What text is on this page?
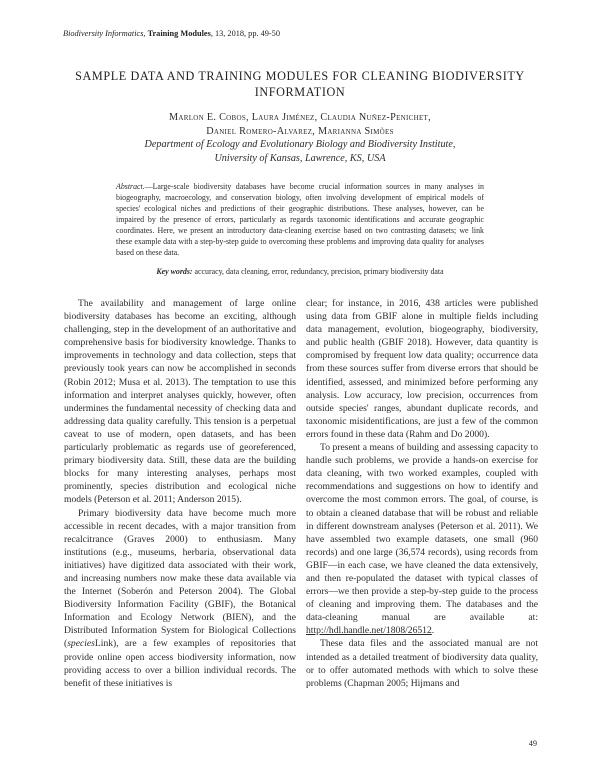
Biodiversity Informatics, Training Modules, 13, 2018, pp. 49-50
SAMPLE DATA AND TRAINING MODULES FOR CLEANING BIODIVERSITY INFORMATION
Marlon E. Cobos, Laura Jiménez, Claudia Nuñez-Penichet,
Daniel Romero-Alvarez, Marianna Simões
Department of Ecology and Evolutionary Biology and Biodiversity Institute,
University of Kansas, Lawrence, KS, USA
Abstract.—Large-scale biodiversity databases have become crucial information sources in many analyses in biogeography, macroecology, and conservation biology, often involving development of empirical models of species' ecological niches and predictions of their geographic distributions. These analyses, however, can be impaired by the presence of errors, particularly as regards taxonomic identifications and accurate geographic coordinates. Here, we present an introductory data-cleaning exercise based on two contrasting datasets; we link these example data with a step-by-step guide to overcoming these problems and improving data quality for analyses based on these data.
Key words: accuracy, data cleaning, error, redundancy, precision, primary biodiversity data

The availability and management of large online biodiversity databases has become an exciting, although challenging, step in the development of an authoritative and comprehensive basis for biodiversity knowledge. Thanks to improvements in technology and data collection, steps that previously took years can now be accomplished in seconds (Robin 2012; Musa et al. 2013). The temptation to use this information and interpret analyses quickly, however, often undermines the fundamental necessity of checking data and addressing data quality carefully. This tension is a perpetual caveat to use of modern, open datasets, and has been particularly problematic as regards use of georeferenced, primary biodiversity data. Still, these data are the building blocks for many interesting analyses, perhaps most prominently, species distribution and ecological niche models (Peterson et al. 2011; Anderson 2015).

Primary biodiversity data have become much more accessible in recent decades, with a major transition from recalcitrance (Graves 2000) to enthusiasm. Many institutions (e.g., museums, herbaria, observational data initiatives) have digitized data associated with their work, and increasing numbers now make these data available via the Internet (Soberón and Peterson 2004). The Global Biodiversity Information Facility (GBIF), the Botanical Information and Ecology Network (BIEN), and the Distributed Information System for Biological Collections (speciesLink), are a few examples of repositories that provide online open access biodiversity information, now providing access to over a billion individual records. The benefit of these initiatives is

clear; for instance, in 2016, 438 articles were published using data from GBIF alone in multiple fields including data management, evolution, biogeography, biodiversity, and public health (GBIF 2018). However, data quantity is compromised by frequent low data quality; occurrence data from these sources suffer from diverse errors that should be identified, assessed, and minimized before performing any analysis. Low accuracy, low precision, occurrences from outside species' ranges, abundant duplicate records, and taxonomic misidentifications, are just a few of the common errors found in these data (Rahm and Do 2000).

To present a means of building and assessing capacity to handle such problems, we provide a hands-on exercise for data cleaning, with two worked examples, coupled with recommendations and suggestions on how to identify and overcome the most common errors. The goal, of course, is to obtain a cleaned database that will be robust and reliable in different downstream analyses (Peterson et al. 2011). We have assembled two example datasets, one small (960 records) and one large (36,574 records), using records from GBIF—in each case, we have cleaned the data extensively, and then re-populated the dataset with typical classes of errors—we then provide a step-by-step guide to the process of cleaning and improving them. The databases and the data-cleaning manual are available at: http://hdl.handle.net/1808/26512.

These data files and the associated manual are not intended as a detailed treatment of biodiversity data quality, or to offer automated methods with which to solve these problems (Chapman 2005; Hijmans and

49
